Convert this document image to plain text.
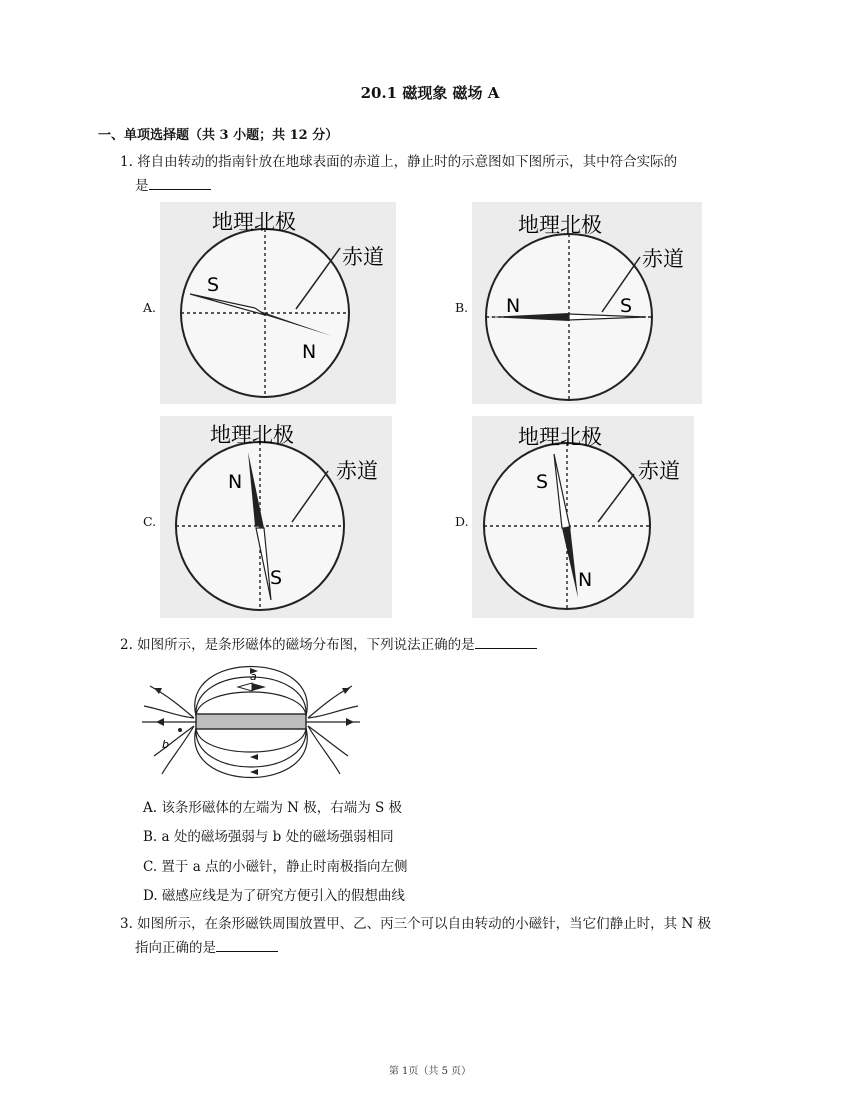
20.1 磁现象 磁场 A
一、单项选择题（共 3 小题；共 12 分）
1. 将自由转动的指南针放在地球表面的赤道上，静止时的示意图如下图所示，其中符合实际的
是
A.
地理北极
赤道
S
N
B.
地理北极
赤道
N	S
C.
地理北极
赤道
N
S
D.
地理北极
赤道
S
N
2. 如图所示，是条形磁体的磁场分布图，下列说法正确的是
a
b
A. 该条形磁体的左端为 N 极，右端为 S 极
B. a 处的磁场强弱与 b 处的磁场强弱相同
C. 置于 a 点的小磁针，静止时南极指向左侧
D. 磁感应线是为了研究方便引入的假想曲线
3. 如图所示，在条形磁铁周围放置甲、乙、丙三个可以自由转动的小磁针，当它们静止时，其 N 极
指向正确的是
第 1页（共 5 页）
